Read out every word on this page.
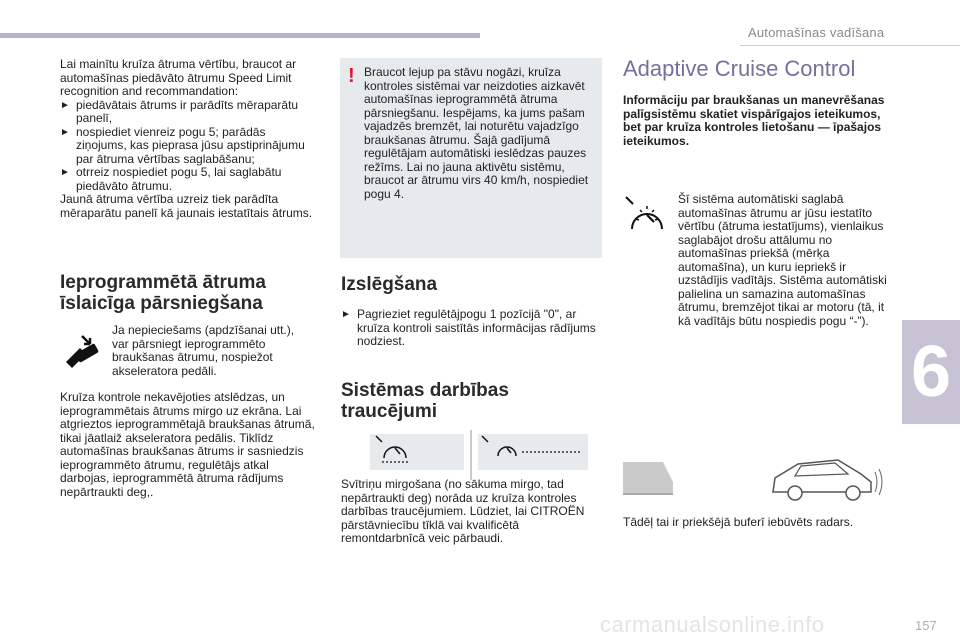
Automašīnas vadīšana
6

Lai mainītu kruīza ātruma vērtību, braucot ar automašīnas piedāvāto ātrumu Speed Limit recognition and recommandation:

► piedāvātais ātrums ir parādīts mēraparātu panelī,

► nospiediet vienreiz pogu 5; parādās ziņojums, kas pieprasa jūsu apstiprinājumu par ātruma vērtības saglabāšanu;

► otrreiz nospiediet pogu 5, lai saglabātu piedāvāto ātrumu.

Jaunā ātruma vērtība uzreiz tiek parādīta mēraparātu panelī kā jaunais iestatītais ātrums.

Ieprogrammētā ātruma īslaicīga pārsniegšana

Ja nepieciešams (apdzīšanai utt.), var pārsniegt ieprogrammēto braukšanas ātrumu, nospiežot akseleratora pedāli.

Kruīza kontrole nekavējoties atslēdzas, un ieprogrammētais ātrums mirgo uz ekrāna. Lai atgrieztos ieprogrammētajā braukšanas ātrumā, tikai jāatlaiž akseleratora pedālis. Tiklīdz automašīnas braukšanas ātrums ir sasniedzis ieprogrammēto ātrumu, regulētājs atkal darbojas, ieprogrammētā ātruma rādījums nepārtraukti deg,.

! Braucot lejup pa stāvu nogāzi, kruīza kontroles sistēmai var neizdoties aizkavēt automašīnas ieprogrammētā ātruma pārsniegšanu. Iespējams, ka jums pašam vajadzēs bremzēt, lai noturētu vajadzīgo braukšanas ātrumu. Šajā gadījumā regulētājam automātiski ieslēdzas pauzes režīms. Lai no jauna aktivētu sistēmu, braucot ar ātrumu virs 40 km/h, nospiediet pogu 4.

Izslēgšana
► Pagrieziet regulētājpogu 1 pozīcijā "0", ar kruīza kontroli saistītās informācijas rādījums nodziest.

Sistēmas darbības traucējumi

Svītriņu mirgošana (no sākuma mirgo, tad nepārtraukti deg) norāda uz kruīza kontroles darbības traucējumiem. Lūdziet, lai CITROËN pārstāvniecību tīklā vai kvalificētā remontdarbnīcā veic pārbaudi.

Adaptive Cruise Control

Informāciju par braukšanas un manevrēšanas palīgsistēmu skatiet vispārīgajos ieteikumos, bet par kruīza kontroles lietošanu — īpašajos ieteikumos.

Šī sistēma automātiski saglabā automašīnas ātrumu ar jūsu iestatīto vērtību (ātruma iestatījums), vienlaikus saglabājot drošu attālumu no automašīnas priekšā (mērķa automašīna), un kuru iepriekš ir uzstādījis vadītājs. Sistēma automātiski palielina un samazina automašīnas ātrumu, bremzējot tikai ar motoru (tā, it kā vadītājs būtu nospiedis pogu “-”).

Tādēļ tai ir priekšējā buferī iebūvēts radars.

carmanualsonline.info	157
